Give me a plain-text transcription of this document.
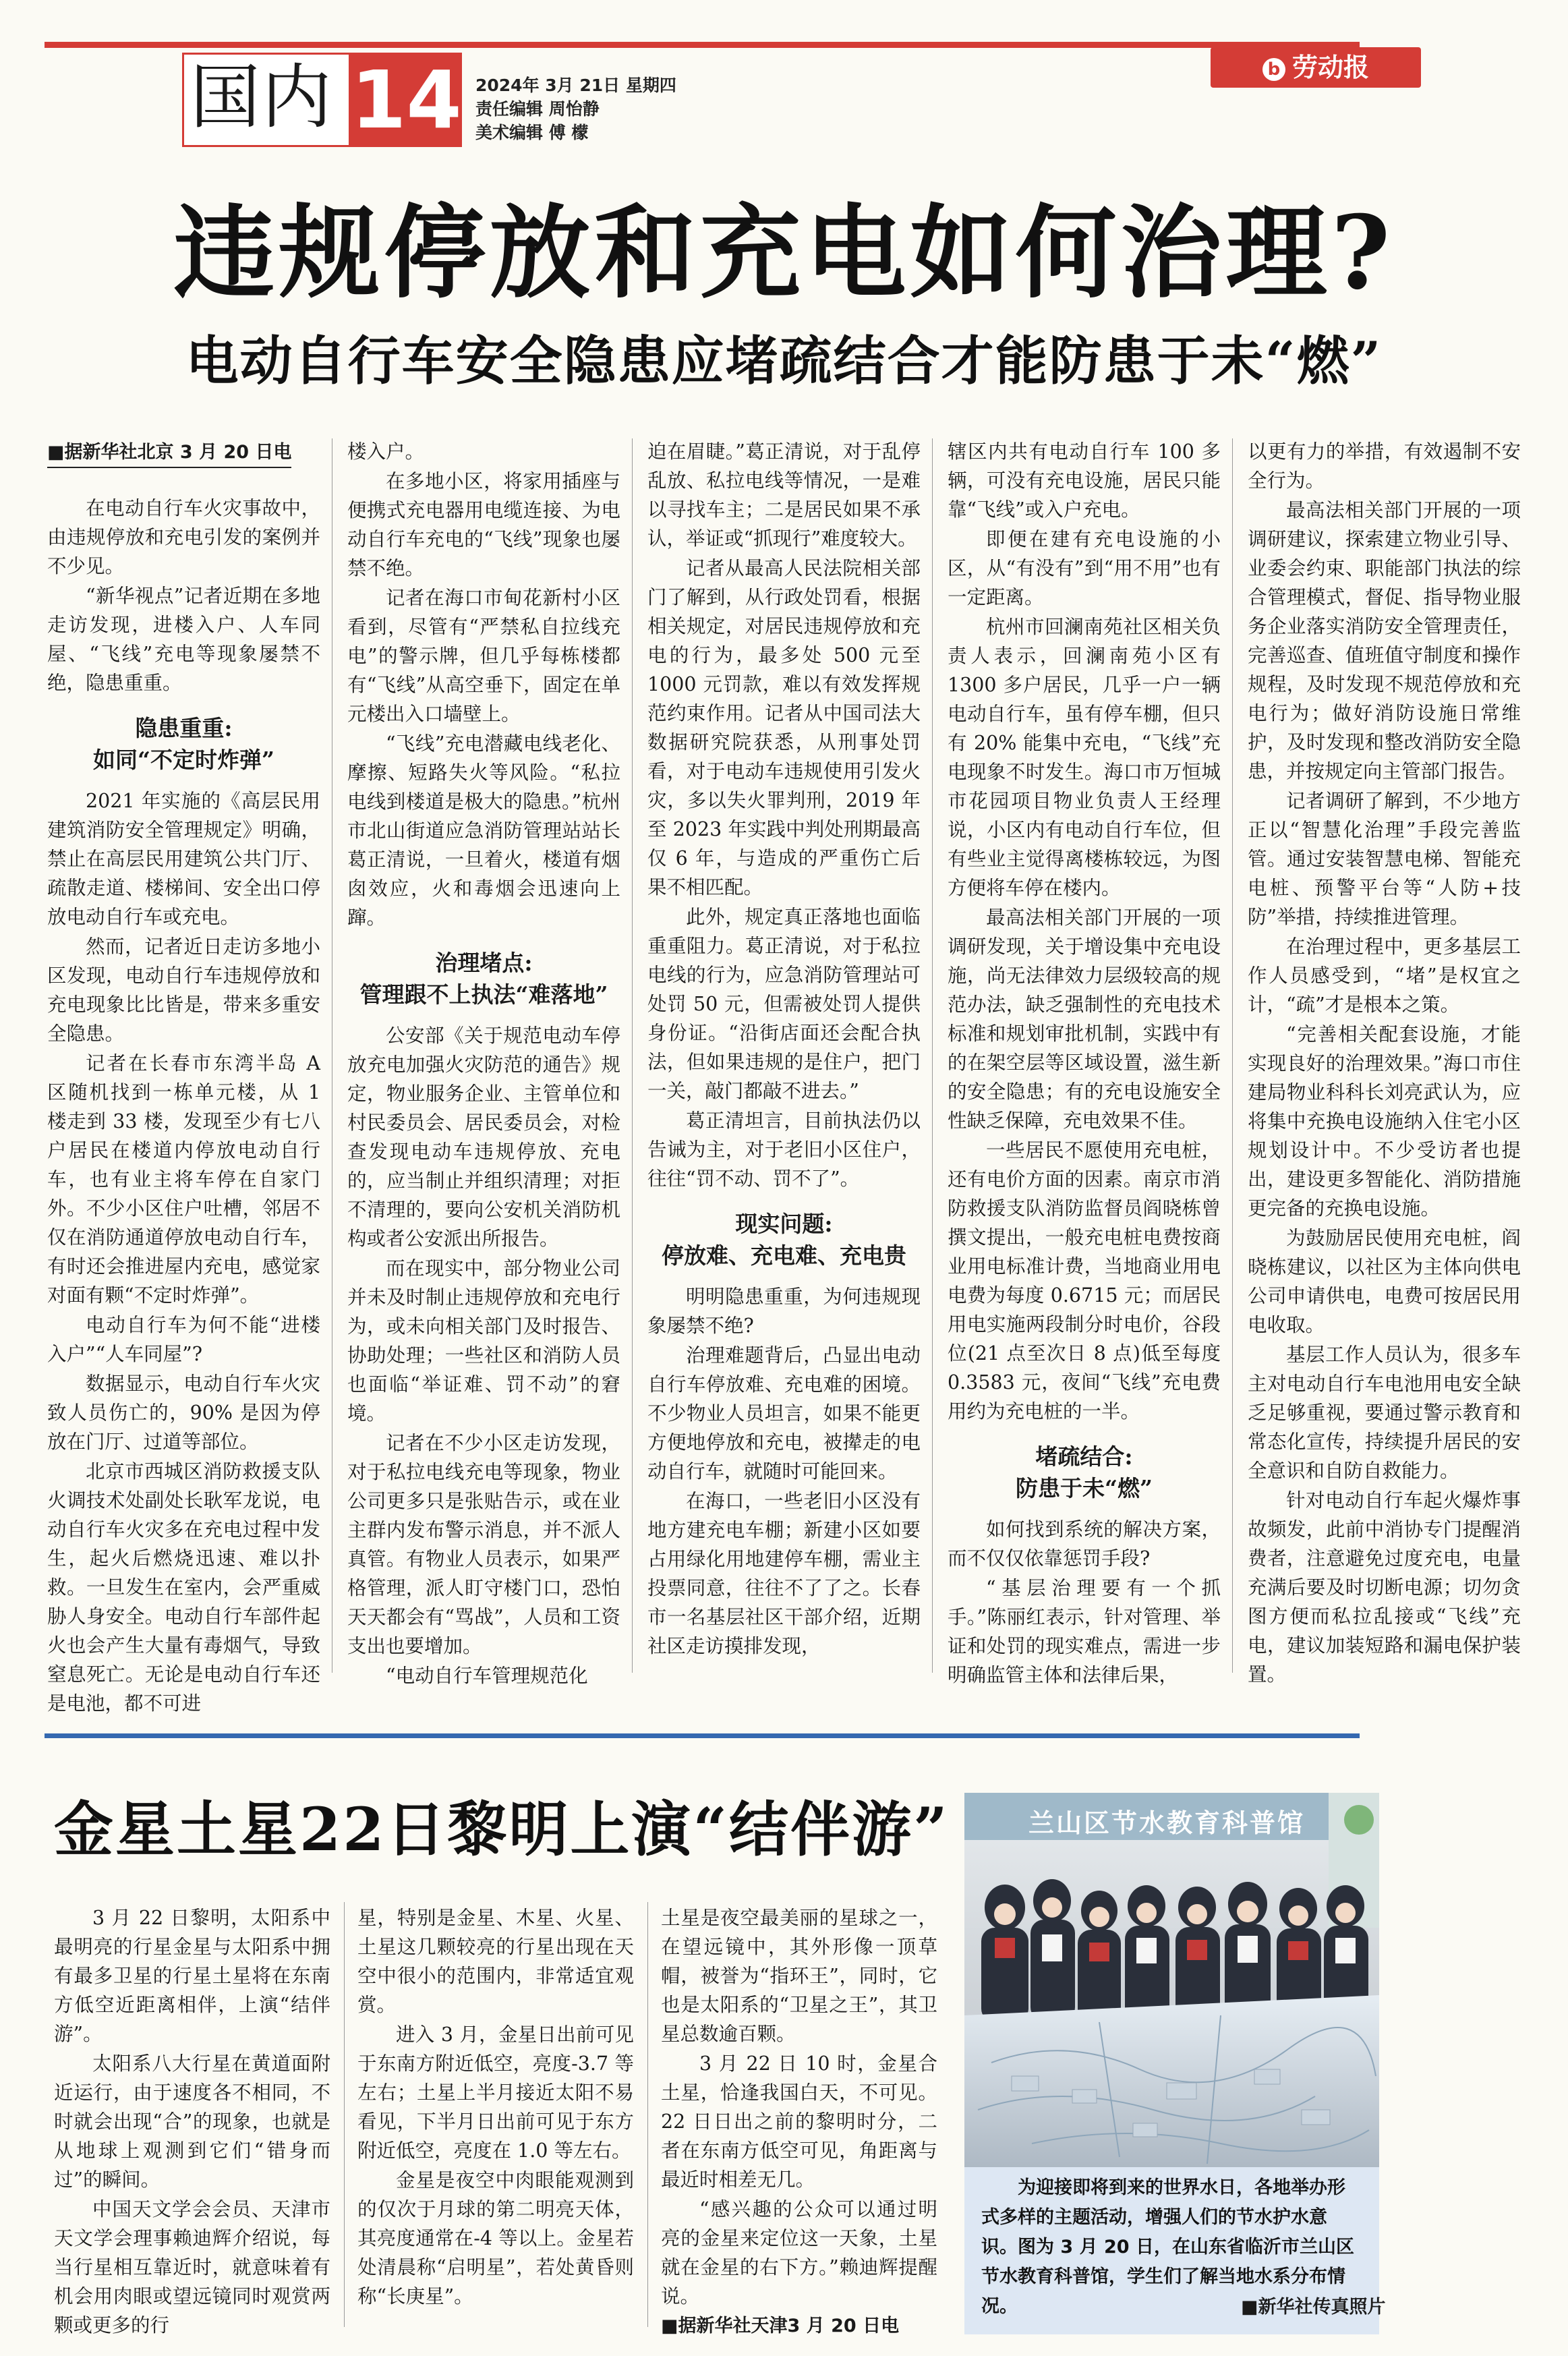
国内 14 2024年 3月 21日 星期四
责任编辑 周怡静
美术编辑 傅 檬
b 劳动报
违规停放和充电如何治理?
电动自行车安全隐患应堵疏结合才能防患于未“燃”

■据新华社北京 3 月 20 日电

在电动自行车火灾事故中，由违规停放和充电引发的案例并不少见。

“新华视点”记者近期在多地走访发现，进楼入户、人车同屋、“飞线”充电等现象屡禁不绝，隐患重重。

隐患重重:
如同“不定时炸弹”

2021 年实施的《高层民用建筑消防安全管理规定》明确，禁止在高层民用建筑公共门厅、疏散走道、楼梯间、安全出口停放电动自行车或充电。

然而，记者近日走访多地小区发现，电动自行车违规停放和充电现象比比皆是，带来多重安全隐患。

记者在长春市东湾半岛 A 区随机找到一栋单元楼，从 1 楼走到 33 楼，发现至少有七八户居民在楼道内停放电动自行车，也有业主将车停在自家门外。不少小区住户吐槽，邻居不仅在消防通道停放电动自行车，有时还会推进屋内充电，感觉家对面有颗“不定时炸弹”。

电动自行车为何不能“进楼入户”“人车同屋”?

数据显示，电动自行车火灾致人员伤亡的，90% 是因为停放在门厅、过道等部位。

北京市西城区消防救援支队火调技术处副处长耿军龙说，电动自行车火灾多在充电过程中发生，起火后燃烧迅速、难以扑救。一旦发生在室内，会严重威胁人身安全。电动自行车部件起火也会产生大量有毒烟气，导致窒息死亡。无论是电动自行车还是电池，都不可进

楼入户。

在多地小区，将家用插座与便携式充电器用电缆连接、为电动自行车充电的“飞线”现象也屡禁不绝。

记者在海口市甸花新村小区看到，尽管有“严禁私自拉线充电”的警示牌，但几乎每栋楼都有“飞线”从高空垂下，固定在单元楼出入口墙壁上。

“飞线”充电潜藏电线老化、摩擦、短路失火等风险。“私拉电线到楼道是极大的隐患。”杭州市北山街道应急消防管理站站长葛正清说，一旦着火，楼道有烟囱效应，火和毒烟会迅速向上蹿。

治理堵点:
管理跟不上执法“难落地”

公安部《关于规范电动车停放充电加强火灾防范的通告》规定，物业服务企业、主管单位和村民委员会、居民委员会，对检查发现电动车违规停放、充电的，应当制止并组织清理；对拒不清理的，要向公安机关消防机构或者公安派出所报告。

而在现实中，部分物业公司并未及时制止违规停放和充电行为，或未向相关部门及时报告、协助处理；一些社区和消防人员也面临“举证难、罚不动”的窘境。

记者在不少小区走访发现，对于私拉电线充电等现象，物业公司更多只是张贴告示，或在业主群内发布警示消息，并不派人真管。有物业人员表示，如果严格管理，派人盯守楼门口，恐怕天天都会有“骂战”，人员和工资支出也要增加。

“电动自行车管理规范化

迫在眉睫。”葛正清说，对于乱停乱放、私拉电线等情况，一是难以寻找车主；二是居民如果不承认，举证或“抓现行”难度较大。

记者从最高人民法院相关部门了解到，从行政处罚看，根据相关规定，对居民违规停放和充电的行为，最多处 500 元至 1000 元罚款，难以有效发挥规范约束作用。记者从中国司法大数据研究院获悉，从刑事处罚看，对于电动车违规使用引发火灾，多以失火罪判刑，2019 年至 2023 年实践中判处刑期最高仅 6 年，与造成的严重伤亡后果不相匹配。

此外，规定真正落地也面临重重阻力。葛正清说，对于私拉电线的行为，应急消防管理站可处罚 50 元，但需被处罚人提供身份证。“沿街店面还会配合执法，但如果违规的是住户，把门一关，敲门都敲不进去。”

葛正清坦言，目前执法仍以告诫为主，对于老旧小区住户，往往“罚不动、罚不了”。

现实问题:
停放难、充电难、充电贵

明明隐患重重，为何违规现象屡禁不绝?

治理难题背后，凸显出电动自行车停放难、充电难的困境。不少物业人员坦言，如果不能更方便地停放和充电，被撵走的电动自行车，就随时可能回来。

在海口，一些老旧小区没有地方建充电车棚；新建小区如要占用绿化用地建停车棚，需业主投票同意，往往不了了之。长春市一名基层社区干部介绍，近期社区走访摸排发现，

辖区内共有电动自行车 100 多辆，可没有充电设施，居民只能靠“飞线”或入户充电。

即便在建有充电设施的小区，从“有没有”到“用不用”也有一定距离。

杭州市回澜南苑社区相关负责人表示，回澜南苑小区有 1300 多户居民，几乎一户一辆电动自行车，虽有停车棚，但只有 20% 能集中充电，“飞线”充电现象不时发生。海口市万恒城市花园项目物业负责人王经理说，小区内有电动自行车位，但有些业主觉得离楼栋较远，为图方便将车停在楼内。

最高法相关部门开展的一项调研发现，关于增设集中充电设施，尚无法律效力层级较高的规范办法，缺乏强制性的充电技术标准和规划审批机制，实践中有的在架空层等区域设置，滋生新的安全隐患；有的充电设施安全性缺乏保障，充电效果不佳。

一些居民不愿使用充电桩，还有电价方面的因素。南京市消防救援支队消防监督员阎晓栋曾撰文提出，一般充电桩电费按商业用电标准计费，当地商业用电电费为每度 0.6715 元；而居民用电实施两段制分时电价，谷段位(21 点至次日 8 点)低至每度 0.3583 元，夜间“飞线”充电费用约为充电桩的一半。

堵疏结合:
防患于未“燃”

如何找到系统的解决方案，而不仅仅依靠惩罚手段?

“基层治理要有一个抓手。”陈丽红表示，针对管理、举证和处罚的现实难点，需进一步明确监管主体和法律后果，

以更有力的举措，有效遏制不安全行为。

最高法相关部门开展的一项调研建议，探索建立物业引导、业委会约束、职能部门执法的综合管理模式，督促、指导物业服务企业落实消防安全管理责任，完善巡查、值班值守制度和操作规程，及时发现不规范停放和充电行为；做好消防设施日常维护，及时发现和整改消防安全隐患，并按规定向主管部门报告。

记者调研了解到，不少地方正以“智慧化治理”手段完善监管。通过安装智慧电梯、智能充电桩、预警平台等“人防+技防”举措，持续推进管理。

在治理过程中，更多基层工作人员感受到，“堵”是权宜之计，“疏”才是根本之策。

“完善相关配套设施，才能实现良好的治理效果。”海口市住建局物业科科长刘亮武认为，应将集中充换电设施纳入住宅小区规划设计中。不少受访者也提出，建设更多智能化、消防措施更完备的充换电设施。

为鼓励居民使用充电桩，阎晓栋建议，以社区为主体向供电公司申请供电，电费可按居民用电收取。

基层工作人员认为，很多车主对电动自行车电池用电安全缺乏足够重视，要通过警示教育和常态化宣传，持续提升居民的安全意识和自防自救能力。

针对电动自行车起火爆炸事故频发，此前中消协专门提醒消费者，注意避免过度充电，电量充满后要及时切断电源；切勿贪图方便而私拉乱接或“飞线”充电，建议加装短路和漏电保护装置。

金星土星22日黎明上演“结伴游”

3 月 22 日黎明，太阳系中最明亮的行星金星与太阳系中拥有最多卫星的行星土星将在东南方低空近距离相伴，上演“结伴游”。

太阳系八大行星在黄道面附近运行，由于速度各不相同，不时就会出现“合”的现象，也就是从地球上观测到它们“错身而过”的瞬间。

中国天文学会会员、天津市天文学会理事赖迪辉介绍说，每当行星相互靠近时，就意味着有机会用肉眼或望远镜同时观赏两颗或更多的行

星，特别是金星、木星、火星、土星这几颗较亮的行星出现在天空中很小的范围内，非常适宜观赏。

进入 3 月，金星日出前可见于东南方附近低空，亮度-3.7 等左右；土星上半月接近太阳不易看见，下半月日出前可见于东方附近低空，亮度在 1.0 等左右。

金星是夜空中肉眼能观测到的仅次于月球的第二明亮天体，其亮度通常在-4 等以上。金星若处清晨称“启明星”，若处黄昏则称“长庚星”。

土星是夜空最美丽的星球之一，在望远镜中，其外形像一顶草帽，被誉为“指环王”，同时，它也是太阳系的“卫星之王”，其卫星总数逾百颗。

3 月 22 日 10 时，金星合土星，恰逢我国白天，不可见。22 日日出之前的黎明时分，二者在东南方低空可见，角距离与最近时相差无几。

“感兴趣的公众可以通过明亮的金星来定位这一天象，土星就在金星的右下方。”赖迪辉提醒说。

■据新华社天津3 月 20 日电

兰山区节水教育科普馆
为迎接即将到来的世界水日，各地举办形式多样的主题活动，增强人们的节水护水意识。图为 3 月 20 日，在山东省临沂市兰山区节水教育科普馆，学生们了解当地水系分布情况。	■新华社传真照片
